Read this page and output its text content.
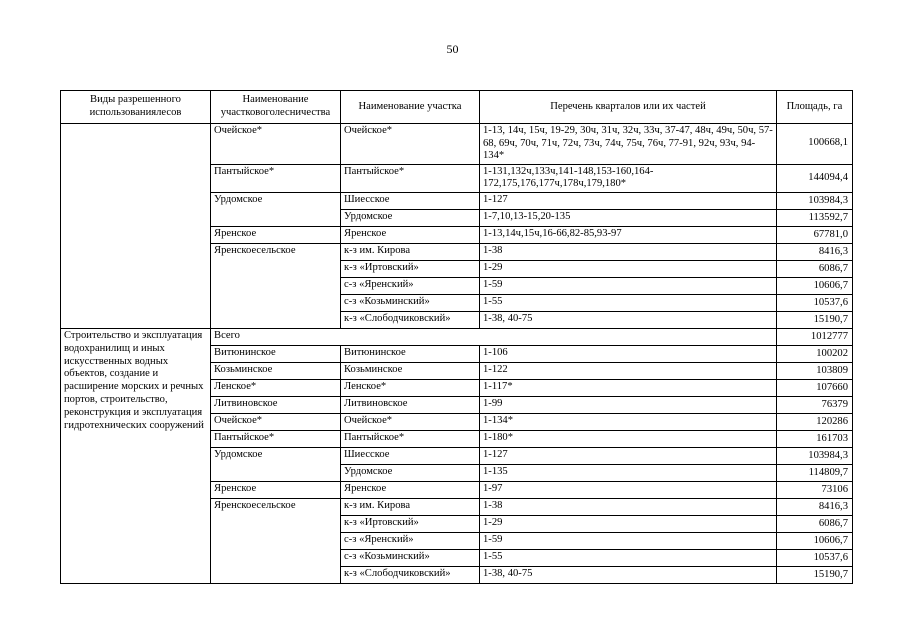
50
Виды разрешенного использованиялесов	Наименование участковоголесничества	Наименование участка	Перечень кварталов или их частей	Площадь, га
	Очейское*	Очейское*	1-13, 14ч, 15ч, 19-29, 30ч, 31ч, 32ч, 33ч, 37-47, 48ч, 49ч, 50ч, 57-68, 69ч, 70ч, 71ч, 72ч, 73ч, 74ч, 75ч, 76ч, 77-91, 92ч, 93ч, 94-134*	100668,1
	Пантыйское*	Пантыйское*	1-131,132ч,133ч,141-148,153-160,164-172,175,176,177ч,178ч,179,180*	144094,4
	Урдомское	Шиесское	1-127	103984,3
		Урдомское	1-7,10,13-15,20-135	113592,7
	Яренское	Яренское	1-13,14ч,15ч,16-66,82-85,93-97	67781,0
	Яренскоесельское	к-з им. Кирова	1-38	8416,3
		к-з «Иртовский»	1-29	6086,7
		с-з «Яренский»	1-59	10606,7
		с-з «Козьминский»	1-55	10537,6
		к-з «Слободчиковский»	1-38, 40-75	15190,7
Строительство и эксплуатация водохранилищ и иных искусственных водных объектов, создание и расширение морских и речных портов, строительство, реконструкция и эксплуатация гидротехнических сооружений	Всего			1012777
	Витюнинское	Витюнинское	1-106	100202
	Козьминское	Козьминское	1-122	103809
	Ленское*	Ленское*	1-117*	107660
	Литвиновское	Литвиновское	1-99	76379
	Очейское*	Очейское*	1-134*	120286
	Пантыйское*	Пантыйское*	1-180*	161703
	Урдомское	Шиесское	1-127	103984,3
		Урдомское	1-135	114809,7
	Яренское	Яренское	1-97	73106
	Яренскоесельское	к-з им. Кирова	1-38	8416,3
		к-з «Иртовский»	1-29	6086,7
		с-з «Яренский»	1-59	10606,7
		с-з «Козьминский»	1-55	10537,6
		к-з «Слободчиковский»	1-38, 40-75	15190,7
